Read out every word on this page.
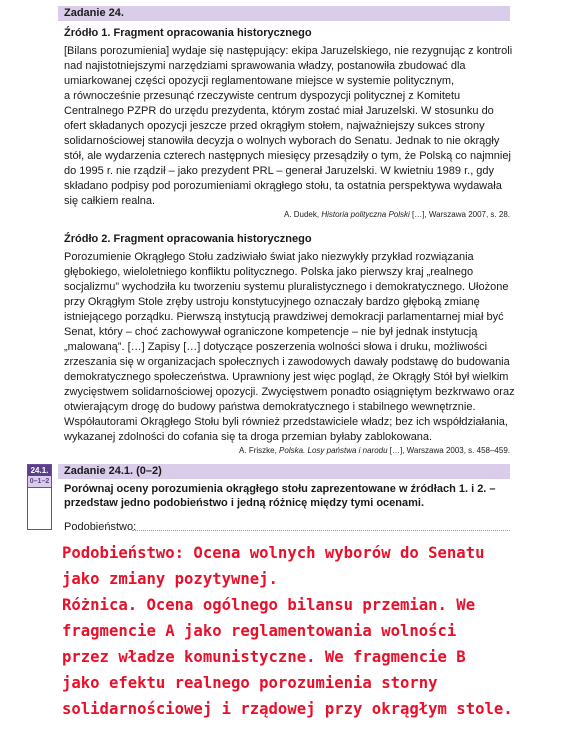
Zadanie 24.
Źródło 1. Fragment opracowania historycznego
[Bilans porozumienia] wydaje się następujący: ekipa Jaruzelskiego, nie rezygnując z kontroli
nad najistotniejszymi narzędziami sprawowania władzy, postanowiła zbudować dla
umiarkowanej części opozycji reglamentowane miejsce w systemie politycznym,
a równocześnie przesunąć rzeczywiste centrum dyspozycji politycznej z Komitetu
Centralnego PZPR do urzędu prezydenta, którym zostać miał Jaruzelski. W stosunku do
ofert składanych opozycji jeszcze przed okrągłym stołem, najważniejszy sukces strony
solidarnościowej stanowiła decyzja o wolnych wyborach do Senatu. Jednak to nie okrągły
stół, ale wydarzenia czterech następnych miesięcy przesądziły o tym, że Polską co najmniej
do 1995 r. nie rządził – jako prezydent PRL – generał Jaruzelski. W kwietniu 1989 r., gdy
składano podpisy pod porozumieniami okrągłego stołu, ta ostatnia perspektywa wydawała
się całkiem realna.
A. Dudek, Historia polityczna Polski […], Warszawa 2007, s. 28.
Źródło 2. Fragment opracowania historycznego
Porozumienie Okrągłego Stołu zadziwiało świat jako niezwykły przykład rozwiązania
głębokiego, wieloletniego konfliktu politycznego. Polska jako pierwszy kraj „realnego
socjalizmu” wychodziła ku tworzeniu systemu pluralistycznego i demokratycznego. Ułożone
przy Okrągłym Stole zręby ustroju konstytucyjnego oznaczały bardzo głęboką zmianę
istniejącego porządku. Pierwszą instytucją prawdziwej demokracji parlamentarnej miał być
Senat, który – choć zachowywał ograniczone kompetencje – nie był jednak instytucją
„malowaną”. […] Zapisy […] dotyczące poszerzenia wolności słowa i druku, możliwości
zrzeszania się w organizacjach społecznych i zawodowych dawały podstawę do budowania
demokratycznego społeczeństwa. Uprawniony jest więc pogląd, że Okrągły Stół był wielkim
zwycięstwem solidarnościowej opozycji. Zwycięstwem ponadto osiągniętym bezkrwawo oraz
otwierającym drogę do budowy państwa demokratycznego i stabilnego wewnętrznie.
Współautorami Okrągłego Stołu byli również przedstawiciele władz; bez ich współdziałania,
wykazanej zdolności do cofania się ta droga przemian byłaby zablokowana.
A. Friszke, Polska. Losy państwa i narodu […], Warszawa 2003, s. 458–459.
24.1.
0–1–2
Zadanie 24.1. (0–2)
Porównaj oceny porozumienia okrągłego stołu zaprezentowane w źródłach 1. i 2. –
przedstaw jedno podobieństwo i jedną różnicę między tymi ocenami.
Podobieństwo:
Podobieństwo: Ocena wolnych wyborów do Senatu
jako zmiany pozytywnej.
Różnica. Ocena ogólnego bilansu przemian. We
fragmencie A jako reglamentowania wolności
przez władze komunistyczne. We fragmencie B
jako efektu realnego porozumienia storny
solidarnościowej i rządowej przy okrągłym stole.
